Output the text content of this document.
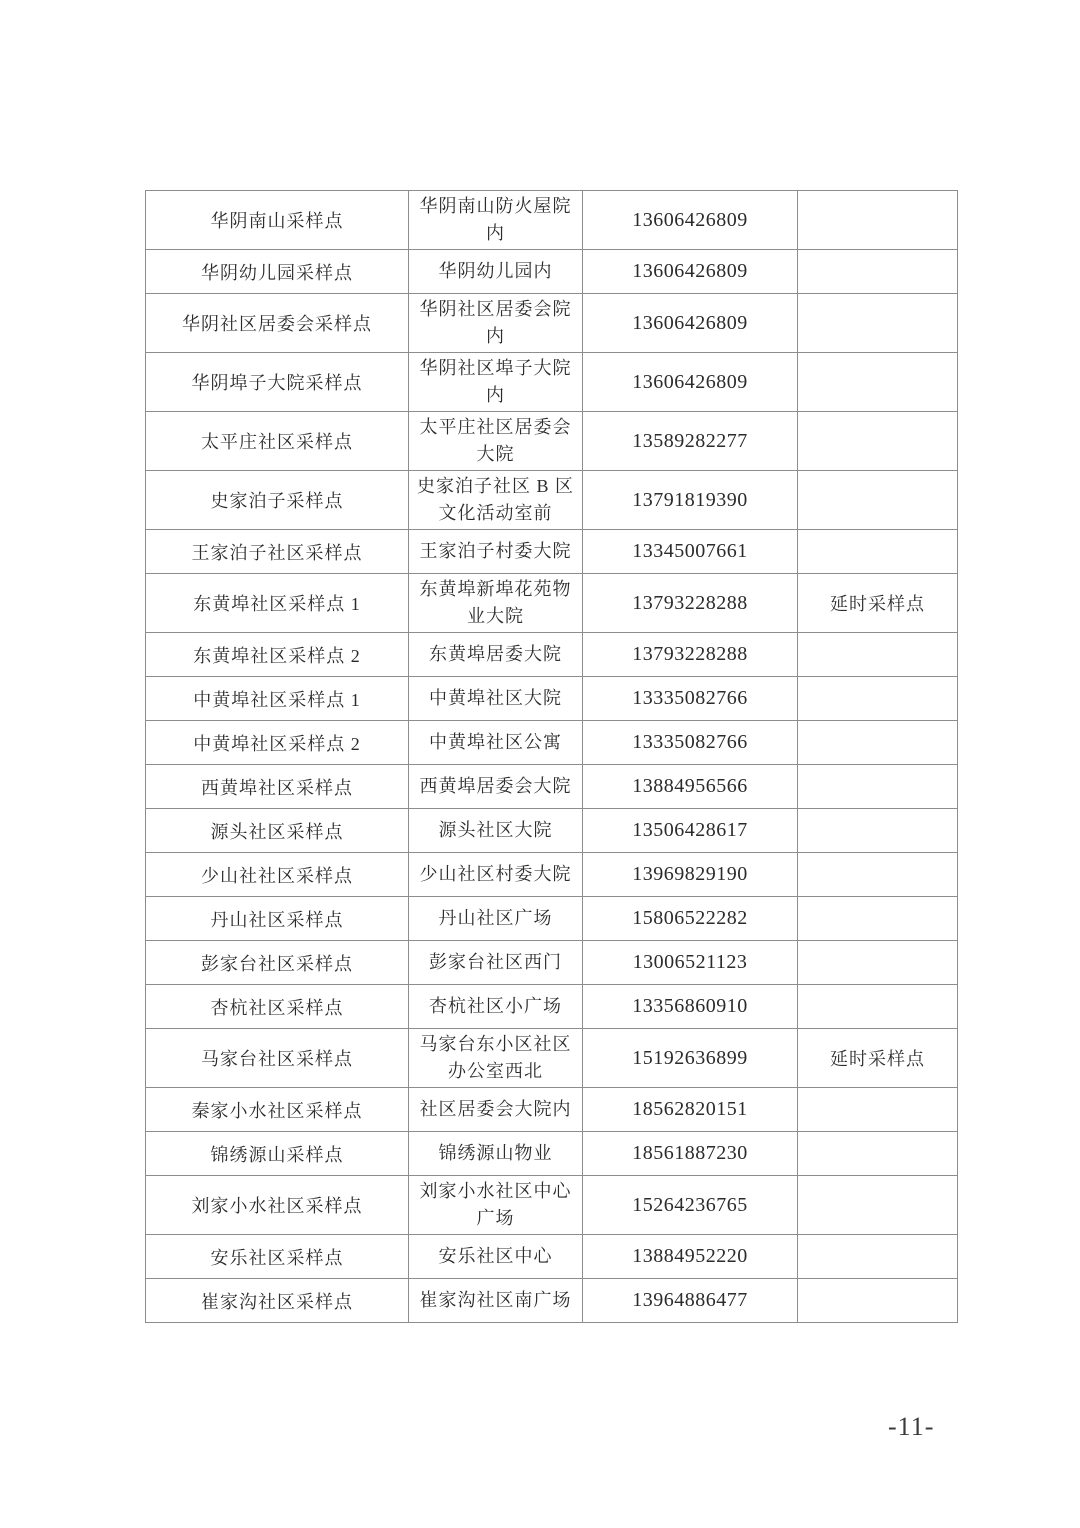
华阴南山采样点	华阴南山防火屋院内	13606426809	
华阴幼儿园采样点	华阴幼儿园内	13606426809	
华阴社区居委会采样点	华阴社区居委会院内	13606426809	
华阴埠子大院采样点	华阴社区埠子大院内	13606426809	
太平庄社区采样点	太平庄社区居委会大院	13589282277	
史家泊子采样点	史家泊子社区 B 区文化活动室前	13791819390	
王家泊子社区采样点	王家泊子村委大院	13345007661	
东黄埠社区采样点 1	东黄埠新埠花苑物业大院	13793228288	延时采样点
东黄埠社区采样点 2	东黄埠居委大院	13793228288	
中黄埠社区采样点 1	中黄埠社区大院	13335082766	
中黄埠社区采样点 2	中黄埠社区公寓	13335082766	
西黄埠社区采样点	西黄埠居委会大院	13884956566	
源头社区采样点	源头社区大院	13506428617	
少山社社区采样点	少山社区村委大院	13969829190	
丹山社区采样点	丹山社区广场	15806522282	
彭家台社区采样点	彭家台社区西门	13006521123	
杏杭社区采样点	杏杭社区小广场	13356860910	
马家台社区采样点	马家台东小区社区办公室西北	15192636899	延时采样点
秦家小水社区采样点	社区居委会大院内	18562820151	
锦绣源山采样点	锦绣源山物业	18561887230	
刘家小水社区采样点	刘家小水社区中心广场	15264236765	
安乐社区采样点	安乐社区中心	13884952220	
崔家沟社区采样点	崔家沟社区南广场	13964886477	
-11-
